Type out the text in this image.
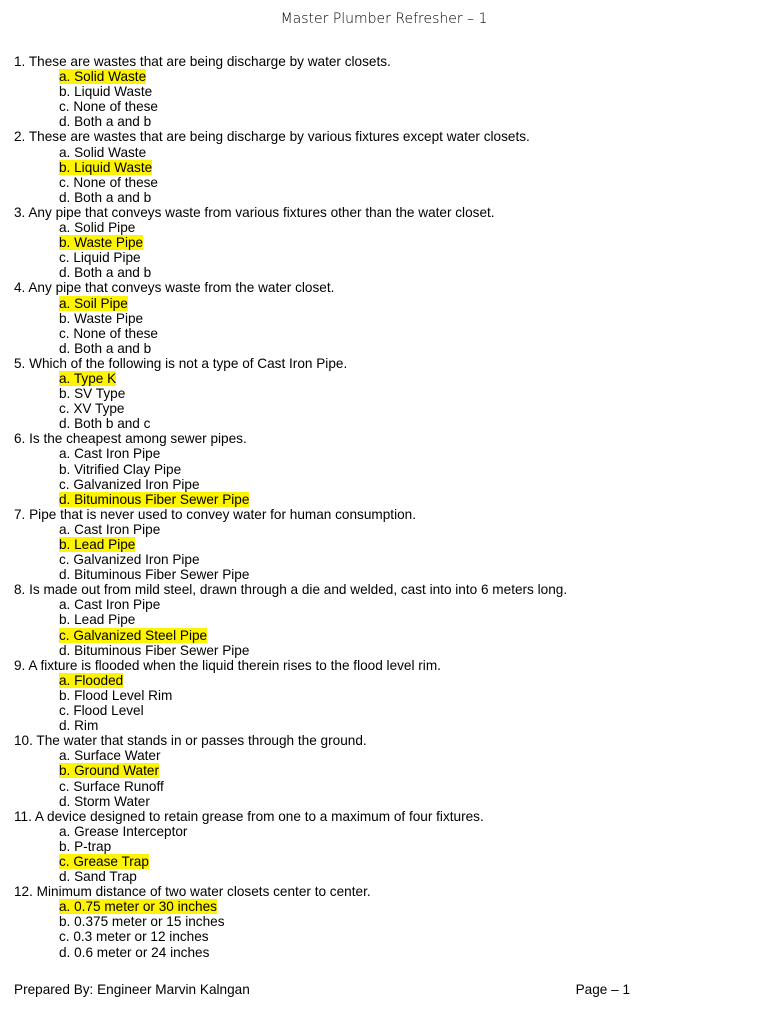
Master Plumber Refresher – 1
1. These are wastes that are being discharge by water closets.
a. Solid Waste
b. Liquid Waste
c. None of these
d. Both a and b
2. These are wastes that are being discharge by various fixtures except water closets.
a. Solid Waste
b. Liquid Waste
c. None of these
d. Both a and b
3. Any pipe that conveys waste from various fixtures other than the water closet.
a. Solid Pipe
b. Waste Pipe
c. Liquid Pipe
d. Both a and b
4. Any pipe that conveys waste from the water closet.
a. Soil Pipe
b. Waste Pipe
c. None of these
d. Both a and b
5. Which of the following is not a type of Cast Iron Pipe.
a. Type K
b. SV Type
c. XV Type
d. Both b and c
6. Is the cheapest among sewer pipes.
a. Cast Iron Pipe
b. Vitrified Clay Pipe
c. Galvanized Iron Pipe
d. Bituminous Fiber Sewer Pipe
7. Pipe that is never used to convey water for human consumption.
a. Cast Iron Pipe
b. Lead Pipe
c. Galvanized Iron Pipe
d. Bituminous Fiber Sewer Pipe
8. Is made out from mild steel, drawn through a die and welded, cast into into 6 meters long.
a. Cast Iron Pipe
b. Lead Pipe
c. Galvanized Steel Pipe
d. Bituminous Fiber Sewer Pipe
9. A fixture is flooded when the liquid therein rises to the flood level rim.
a. Flooded
b. Flood Level Rim
c. Flood Level
d. Rim
10. The water that stands in or passes through the ground.
a. Surface Water
b. Ground Water
c. Surface Runoff
d. Storm Water
11. A device designed to retain grease from one to a maximum of four fixtures.
a. Grease Interceptor
b. P-trap
c. Grease Trap
d. Sand Trap
12. Minimum distance of two water closets center to center.
a. 0.75 meter or 30 inches
b. 0.375 meter or 15 inches
c. 0.3 meter or 12 inches
d. 0.6 meter or 24 inches
Prepared By: Engineer Marvin Kalngan	Page – 1
